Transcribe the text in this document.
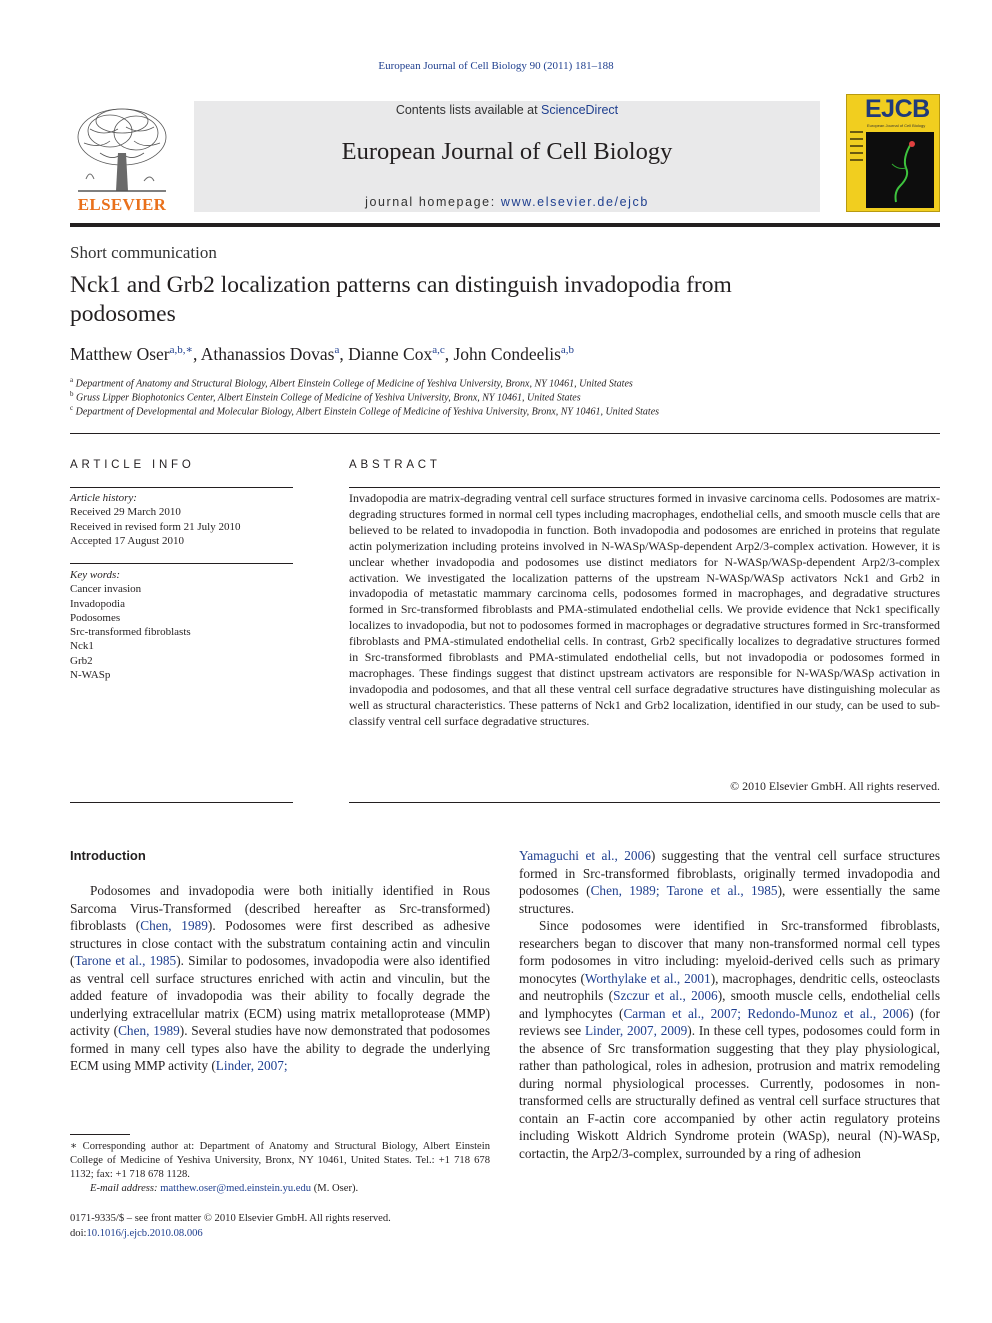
European Journal of Cell Biology 90 (2011) 181–188
ELSEVIER
Contents lists available at ScienceDirect
European Journal of Cell Biology
journal homepage: www.elsevier.de/ejcb
EJCB
European Journal of Cell Biology
Short communication
Nck1 and Grb2 localization patterns can distinguish invadopodia from podosomes
Matthew Oser$^{a,b,∗}$, Athanassios Dovas$^a$, Dianne Cox$^{a,c}$, John Condeelis$^{a,b}$
$^a$ Department of Anatomy and Structural Biology, Albert Einstein College of Medicine of Yeshiva University, Bronx, NY 10461, United States
$^b$ Gruss Lipper Biophotonics Center, Albert Einstein College of Medicine of Yeshiva University, Bronx, NY 10461, United States
$^c$ Department of Developmental and Molecular Biology, Albert Einstein College of Medicine of Yeshiva University, Bronx, NY 10461, United States
ARTICLE INFO
Article history:
Received 29 March 2010
Received in revised form 21 July 2010
Accepted 17 August 2010
Key words:
Cancer invasion
Invadopodia
Podosomes
Src-transformed fibroblasts
Nck1
Grb2
N-WASp
ABSTRACT
Invadopodia are matrix-degrading ventral cell surface structures formed in invasive carcinoma cells. Podosomes are matrix-degrading structures formed in normal cell types including macrophages, endothelial cells, and smooth muscle cells that are believed to be related to invadopodia in function. Both invadopodia and podosomes are enriched in proteins that regulate actin polymerization including proteins involved in N-WASp/WASp-dependent Arp2/3-complex activation. However, it is unclear whether invadopodia and podosomes use distinct mediators for N-WASp/WASp-dependent Arp2/3-complex activation. We investigated the localization patterns of the upstream N-WASp/WASp activators Nck1 and Grb2 in invadopodia of metastatic mammary carcinoma cells, podosomes formed in macrophages, and degradative structures formed in Src-transformed fibroblasts and PMA-stimulated endothelial cells. We provide evidence that Nck1 specifically localizes to invadopodia, but not to podosomes formed in macrophages or degradative structures formed in Src-transformed fibroblasts and PMA-stimulated endothelial cells. In contrast, Grb2 specifically localizes to degradative structures formed in Src-transformed fibroblasts and PMA-stimulated endothelial cells, but not invadopodia or podosomes formed in macrophages. These findings suggest that distinct upstream activators are responsible for N-WASp/WASp activation in invadopodia and podosomes, and that all these ventral cell surface degradative structures have distinguishing molecular as well as structural characteristics. These patterns of Nck1 and Grb2 localization, identified in our study, can be used to sub-classify ventral cell surface degradative structures.
© 2010 Elsevier GmbH. All rights reserved.
Introduction

Podosomes and invadopodia were both initially identified in Rous Sarcoma Virus-Transformed (described hereafter as Src-transformed) fibroblasts (Chen, 1989). Podosomes were first described as adhesive structures in close contact with the substratum containing actin and vinculin (Tarone et al., 1985). Similar to podosomes, invadopodia were also identified as ventral cell surface structures enriched with actin and vinculin, but the added feature of invadopodia was their ability to focally degrade the underlying extracellular matrix (ECM) using matrix metalloprotease (MMP) activity (Chen, 1989). Several studies have now demonstrated that podosomes formed in many cell types also have the ability to degrade the underlying ECM using MMP activity (Linder, 2007;

Yamaguchi et al., 2006) suggesting that the ventral cell surface structures formed in Src-transformed fibroblasts, originally termed invadopodia and podosomes (Chen, 1989; Tarone et al., 1985), were essentially the same structures.

Since podosomes were identified in Src-transformed fibroblasts, researchers began to discover that many non-transformed normal cell types form podosomes in vitro including: myeloid-derived cells such as primary monocytes (Worthylake et al., 2001), macrophages, dendritic cells, osteoclasts and neutrophils (Szczur et al., 2006), smooth muscle cells, endothelial cells and lymphocytes (Carman et al., 2007; Redondo-Munoz et al., 2006) (for reviews see Linder, 2007, 2009). In these cell types, podosomes could form in the absence of Src transformation suggesting that they play physiological, rather than pathological, roles in adhesion, protrusion and matrix remodeling during normal physiological processes. Currently, podosomes in non-transformed cells are structurally defined as ventral cell surface structures that contain an F-actin core accompanied by other actin regulatory proteins including Wiskott Aldrich Syndrome protein (WASp), neural (N)-WASp, cortactin, the Arp2/3-complex, surrounded by a ring of adhesion

∗ Corresponding author at: Department of Anatomy and Structural Biology, Albert Einstein College of Medicine of Yeshiva University, Bronx, NY 10461, United States. Tel.: +1 718 678 1132; fax: +1 718 678 1128.
E-mail address: matthew.oser@med.einstein.yu.edu (M. Oser).
0171-9335/$ – see front matter © 2010 Elsevier GmbH. All rights reserved.
doi:10.1016/j.ejcb.2010.08.006
